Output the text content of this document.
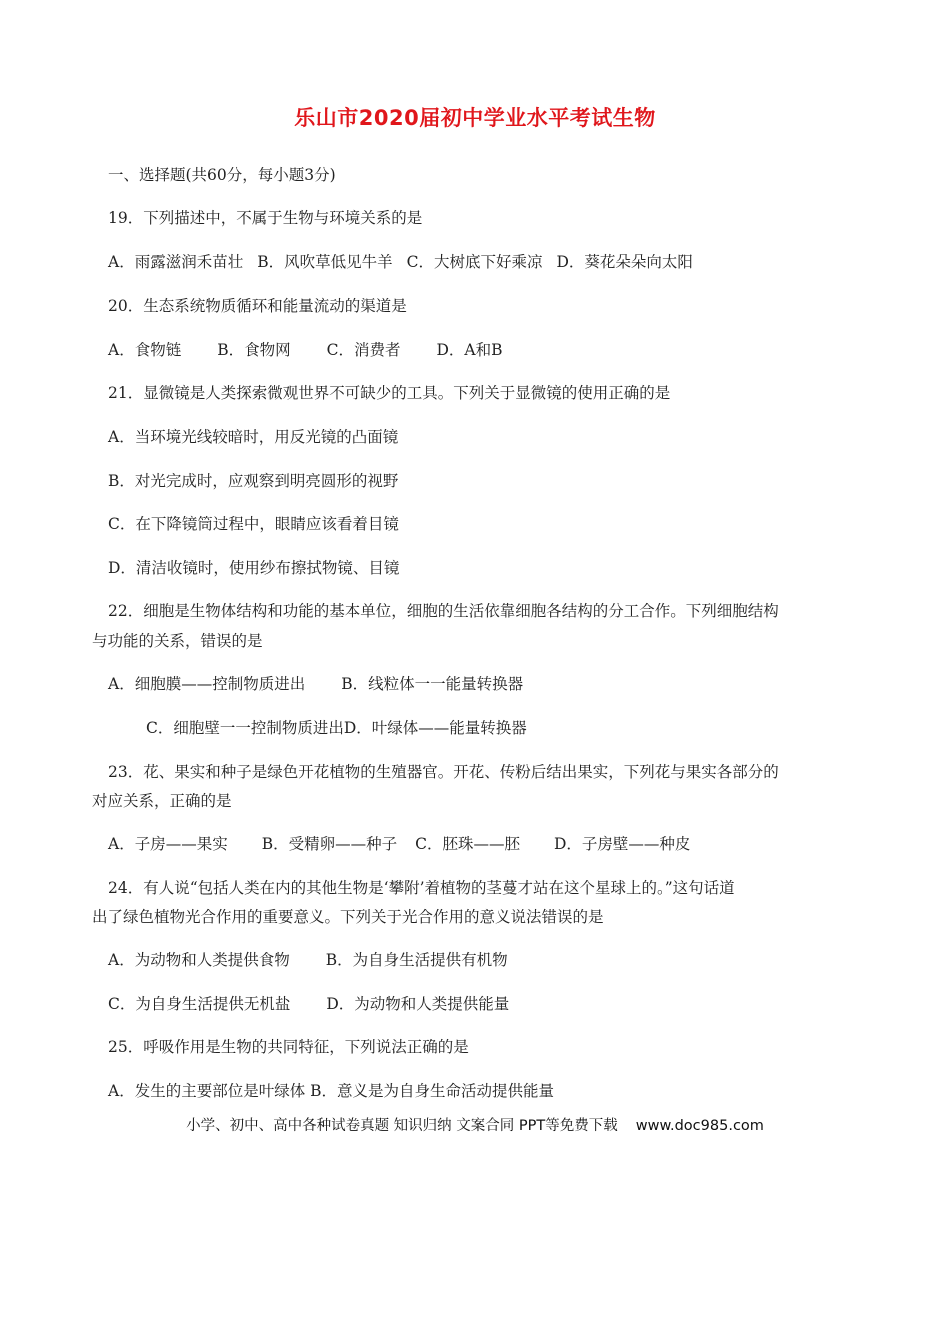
乐山市2020届初中学业水平考试生物
一、选择题(共60分，每小题3分)
19．下列描述中，不属于生物与环境关系的是
A．雨露滋润禾苗壮 B．风吹草低见牛羊 C．大树底下好乘凉 D．葵花朵朵向太阳
20．生态系统物质循环和能量流动的渠道是
A．食物链 B．食物网 C．消费者 D．A和B
21．显微镜是人类探索微观世界不可缺少的工具。下列关于显微镜的使用正确的是
A．当环境光线较暗时，用反光镜的凸面镜
B．对光完成时，应观察到明亮圆形的视野
C．在下降镜筒过程中，眼睛应该看着目镜
D．清洁收镜时，使用纱布擦拭物镜、目镜
22．细胞是生物体结构和功能的基本单位，细胞的生活依靠细胞各结构的分工合作。下列细胞结构
与功能的关系，错误的是
A．细胞膜——控制物质进出 B．线粒体一一能量转换器
C．细胞壁一一控制物质进出D．叶绿体——能量转换器
23．花、果实和种子是绿色开花植物的生殖器官。开花、传粉后结出果实，下列花与果实各部分的
对应关系，正确的是
A．子房——果实 B．受精卵——种子 C．胚珠——胚 D．子房壁——种皮
24．有人说“包括人类在内的其他生物是‘攀附’着植物的茎蔓才站在这个星球上的。”这句话道
出了绿色植物光合作用的重要意义。下列关于光合作用的意义说法错误的是
A．为动物和人类提供食物 B．为自身生活提供有机物
C．为自身生活提供无机盐 D．为动物和人类提供能量
25．呼吸作用是生物的共同特征，下列说法正确的是
A．发生的主要部位是叶绿体 B．意义是为自身生命活动提供能量
小学、初中、高中各种试卷真题 知识归纳 文案合同 PPT等免费下载 www.doc985.com
